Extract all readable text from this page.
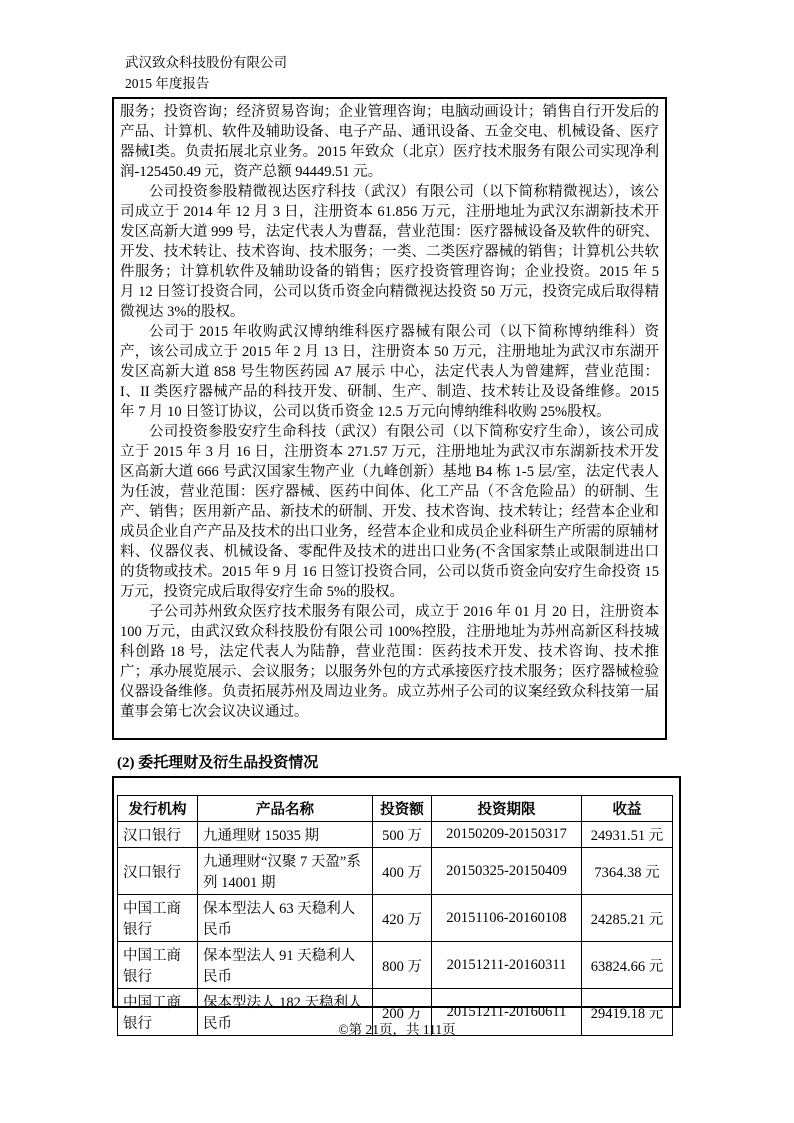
武汉致众科技股份有限公司
2015 年度报告

服务；投资咨询；经济贸易咨询；企业管理咨询；电脑动画设计；销售自行开发后的产品、计算机、软件及辅助设备、电子产品、通讯设备、五金交电、机械设备、医疗器械Ⅰ类。负责拓展北京业务。2015 年致众（北京）医疗技术服务有限公司实现净利润-125450.49 元，资产总额 94449.51 元。

公司投资参股精微视达医疗科技（武汉）有限公司（以下简称精微视达），该公司成立于 2014 年 12 月 3 日，注册资本 61.856 万元，注册地址为武汉东湖新技术开发区高新大道 999 号，法定代表人为曹磊，营业范围：医疗器械设备及软件的研究、开发、技术转让、技术咨询、技术服务；一类、二类医疗器械的销售；计算机公共软件服务；计算机软件及辅助设备的销售；医疗投资管理咨询；企业投资。2015 年 5 月 12 日签订投资合同，公司以货币资金向精微视达投资 50 万元，投资完成后取得精微视达 3%的股权。

公司于 2015 年收购武汉博纳维科医疗器械有限公司（以下简称博纳维科）资产，该公司成立于 2015 年 2 月 13 日，注册资本 50 万元，注册地址为武汉市东湖开发区高新大道 858 号生物医药园 A7 展示 中心，法定代表人为曾建辉，营业范围：I、II 类医疗器械产品的科技开发、研制、生产、制造、技术转让及设备维修。2015 年 7 月 10 日签订协议，公司以货币资金 12.5 万元向博纳维科收购 25%股权。

公司投资参股安疗生命科技（武汉）有限公司（以下简称安疗生命），该公司成立于 2015 年 3 月 16 日，注册资本 271.57 万元，注册地址为武汉市东湖新技术开发区高新大道 666 号武汉国家生物产业（九峰创新）基地 B4 栋 1-5 层/室，法定代表人为任波，营业范围：医疗器械、医药中间体、化工产品（不含危险品）的研制、生产、销售；医用新产品、新技术的研制、开发、技术咨询、技术转让；经营本企业和成员企业自产产品及技术的出口业务，经营本企业和成员企业科研生产所需的原辅材料、仪器仪表、机械设备、零配件及技术的进出口业务(不含国家禁止或限制进出口的货物或技术。2015 年 9 月 16 日签订投资合同，公司以货币资金向安疗生命投资 15 万元，投资完成后取得安疗生命 5%的股权。

子公司苏州致众医疗技术服务有限公司，成立于 2016 年 01 月 20 日，注册资本 100 万元，由武汉致众科技股份有限公司 100%控股，注册地址为苏州高新区科技城科创路 18 号，法定代表人为陆静，营业范围：医药技术开发、技术咨询、技术推广；承办展览展示、会议服务；以服务外包的方式承接医疗技术服务；医疗器械检验仪器设备维修。负责拓展苏州及周边业务。成立苏州子公司的议案经致众科技第一届董事会第七次会议决议通过。

(2) 委托理财及衍生品投资情况
发行机构	产品名称	投资额	投资期限	收益
汉口银行	九通理财 15035 期	500 万	20150209-20150317	24931.51 元
汉口银行	九通理财“汉聚 7 天盈”系列 14001 期	400 万	20150325-20150409	7364.38 元
中国工商银行	保本型法人 63 天稳利人民币	420 万	20151106-20160108	24285.21 元
中国工商银行	保本型法人 91 天稳利人民币	800 万	20151211-20160311	63824.66 元
中国工商银行	保本型法人 182 天稳利人民币	200 万	20151211-20160611	29419.18 元
©第 21页，共 111页
